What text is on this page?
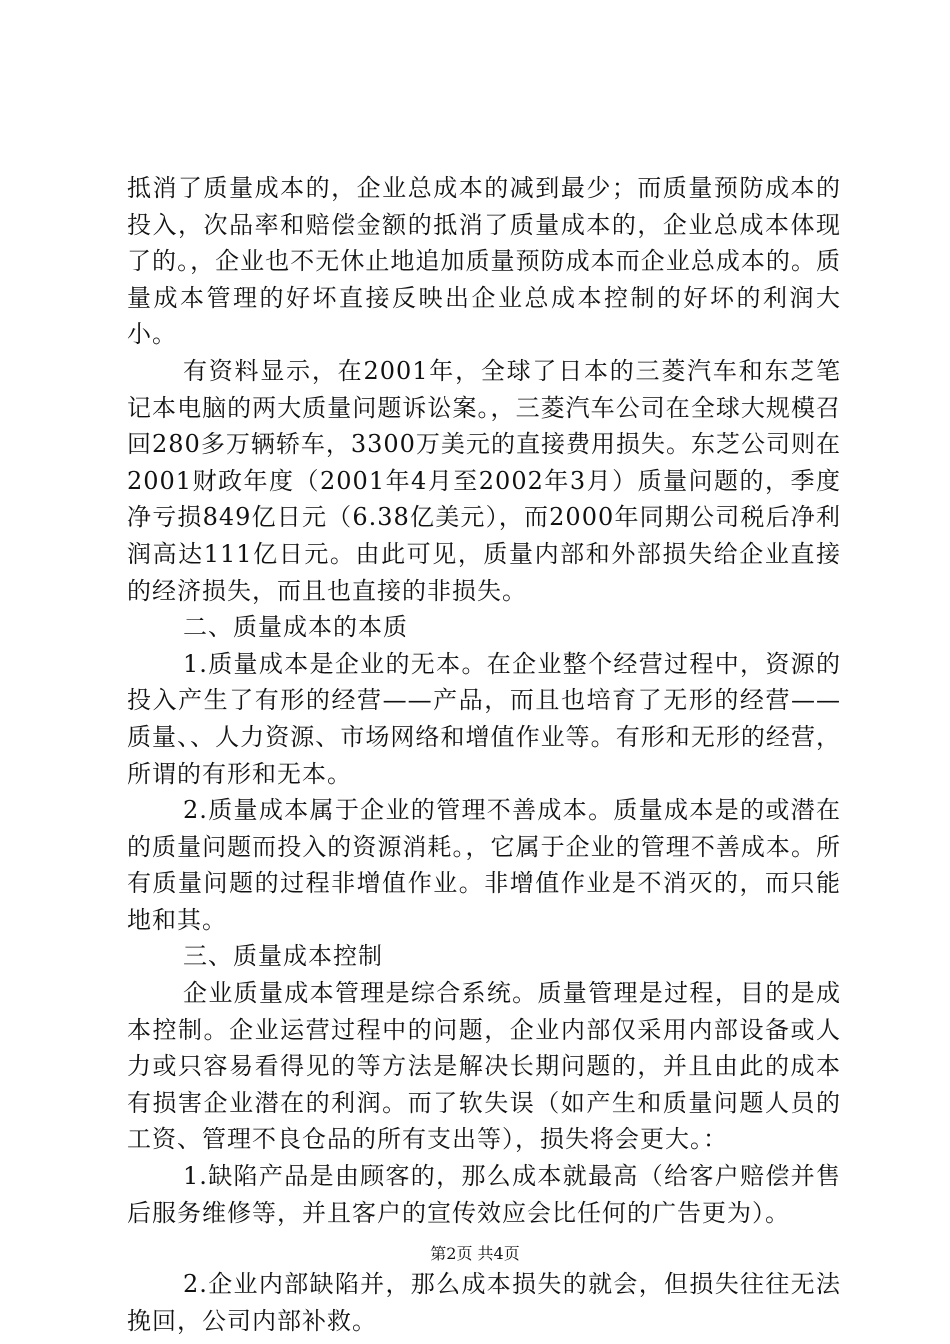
抵消了质量成本的，企业总成本的减到最少；而质量预防成本的投入，次品率和赔偿金额的抵消了质量成本的，企业总成本体现了的。，企业也不无休止地追加质量预防成本而企业总成本的。质量成本管理的好坏直接反映出企业总成本控制的好坏的利润大小。

有资料显示，在2001年，全球了日本的三菱汽车和东芝笔记本电脑的两大质量问题诉讼案。，三菱汽车公司在全球大规模召回280多万辆轿车，3300万美元的直接费用损失。东芝公司则在2001财政年度（2001年4月至2002年3月）质量问题的，季度净亏损849亿日元（6.38亿美元），而2000年同期公司税后净利润高达111亿日元。由此可见，质量内部和外部损失给企业直接的经济损失，而且也直接的非损失。

二、质量成本的本质

1.质量成本是企业的无本。在企业整个经营过程中，资源的投入产生了有形的经营——产品，而且也培育了无形的经营——质量、、人力资源、市场网络和增值作业等。有形和无形的经营，所谓的有形和无本。

2.质量成本属于企业的管理不善成本。质量成本是的或潜在的质量问题而投入的资源消耗。，它属于企业的管理不善成本。所有质量问题的过程非增值作业。非增值作业是不消灭的，而只能地和其。

三、质量成本控制

企业质量成本管理是综合系统。质量管理是过程，目的是成本控制。企业运营过程中的问题，企业内部仅采用内部设备或人力或只容易看得见的等方法是解决长期问题的，并且由此的成本有损害企业潜在的利润。而了软失误（如产生和质量问题人员的工资、管理不良仓品的所有支出等），损失将会更大。：

1.缺陷产品是由顾客的，那么成本就最高（给客户赔偿并售后服务维修等，并且客户的宣传效应会比任何的广告更为）。

2.企业内部缺陷并，那么成本损失的就会，但损失往往无法挽回，公司内部补救。

第2页 共4页
